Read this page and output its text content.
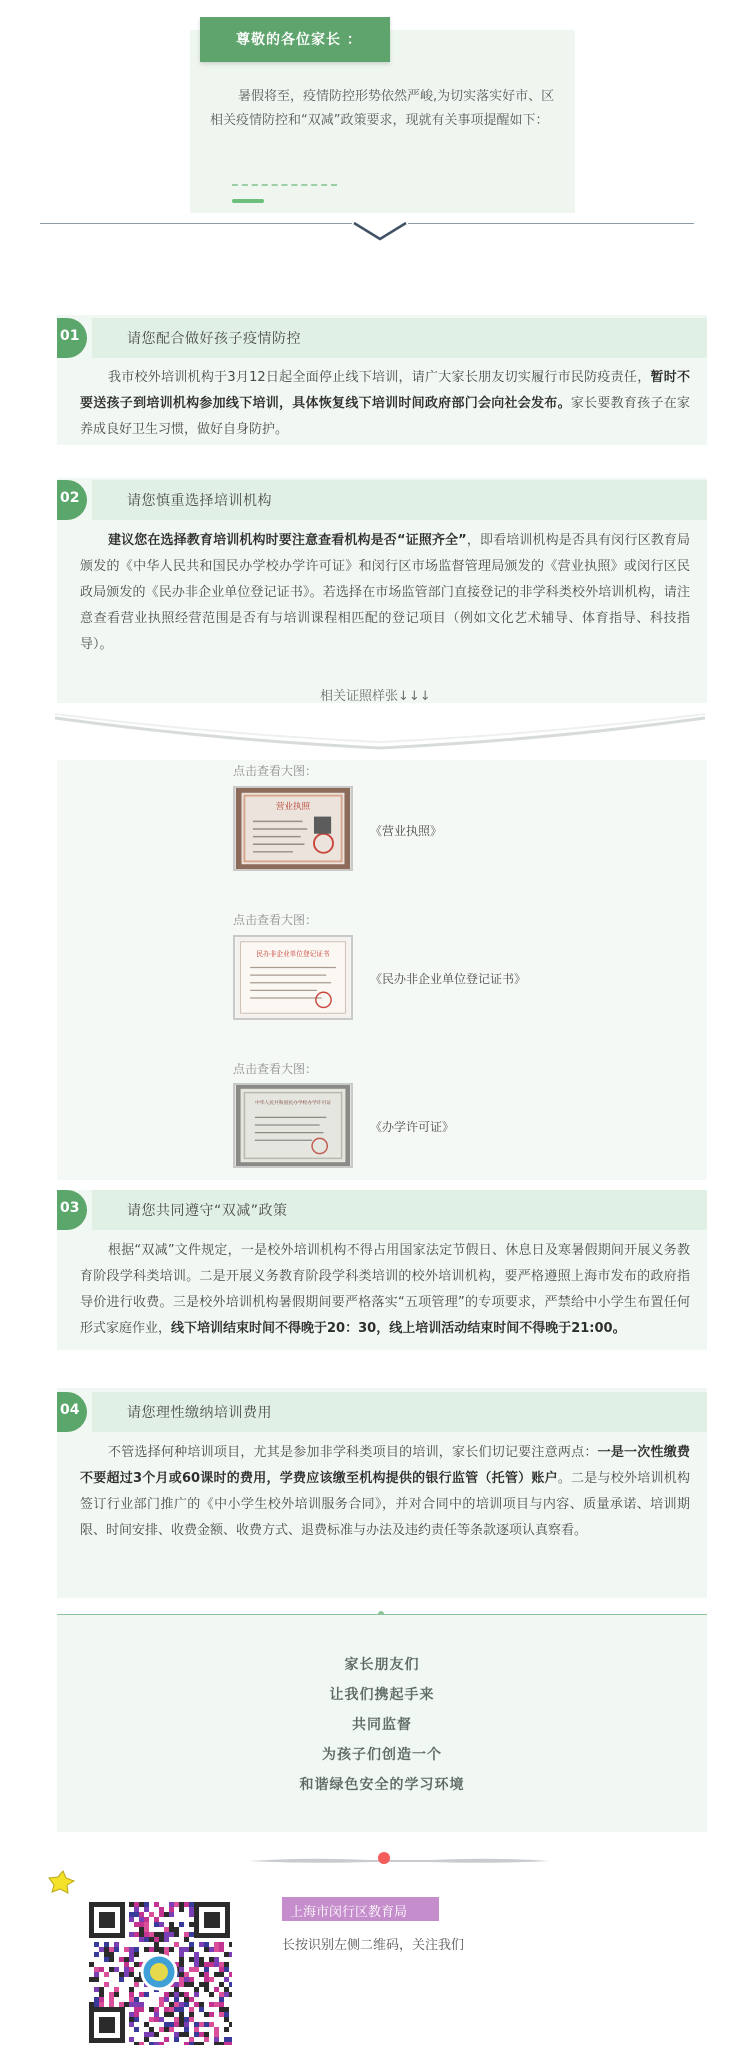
尊敬的各位家长 ：
暑假将至，疫情防控形势依然严峻,为切实落实好市、区相关疫情防控和“双减”政策要求，现就有关事项提醒如下：
01	请您配合做好孩子疫情防控
我市校外培训机构于3月12日起全面停止线下培训，请广大家长朋友切实履行市民防疫责任，暂时不要送孩子到培训机构参加线下培训，具体恢复线下培训时间政府部门会向社会发布。家长要教育孩子在家养成良好卫生习惯，做好自身防护。
02	请您慎重选择培训机构
建议您在选择教育培训机构时要注意查看机构是否“证照齐全”，即看培训机构是否具有闵行区教育局颁发的《中华人民共和国民办学校办学许可证》和闵行区市场监督管理局颁发的《营业执照》或闵行区民政局颁发的《民办非企业单位登记证书》。若选择在市场监管部门直接登记的非学科类校外培训机构，请注意查看营业执照经营范围是否有与培训课程相匹配的登记项目（例如文化艺术辅导、体育指导、科技指导）。
相关证照样张↓↓↓
点击查看大图：
营业执照
《营业执照》
点击查看大图：
民办非企业单位登记证书
《民办非企业单位登记证书》
点击查看大图：
中华人民共和国民办学校办学许可证
《办学许可证》
03	请您共同遵守“双减”政策
根据“双减”文件规定，一是校外培训机构不得占用国家法定节假日、休息日及寒暑假期间开展义务教育阶段学科类培训。二是开展义务教育阶段学科类培训的校外培训机构，要严格遵照上海市发布的政府指导价进行收费。三是校外培训机构暑假期间要严格落实“五项管理”的专项要求，严禁给中小学生布置任何形式家庭作业，线下培训结束时间不得晚于20：30，线上培训活动结束时间不得晚于21:00。
04	请您理性缴纳培训费用
不管选择何种培训项目，尤其是参加非学科类项目的培训，家长们切记要注意两点：一是一次性缴费不要超过3个月或60课时的费用，学费应该缴至机构提供的银行监管（托管）账户。二是与校外培训机构签订行业部门推广的《中小学生校外培训服务合同》，并对合同中的培训项目与内容、质量承诺、培训期限、时间安排、收费金额、收费方式、退费标准与办法及违约责任等条款逐项认真察看。
家长朋友们
让我们携起手来
共同监督
为孩子们创造一个
和谐绿色安全的学习环境
上海市闵行区教育局
长按识别左侧二维码，关注我们
